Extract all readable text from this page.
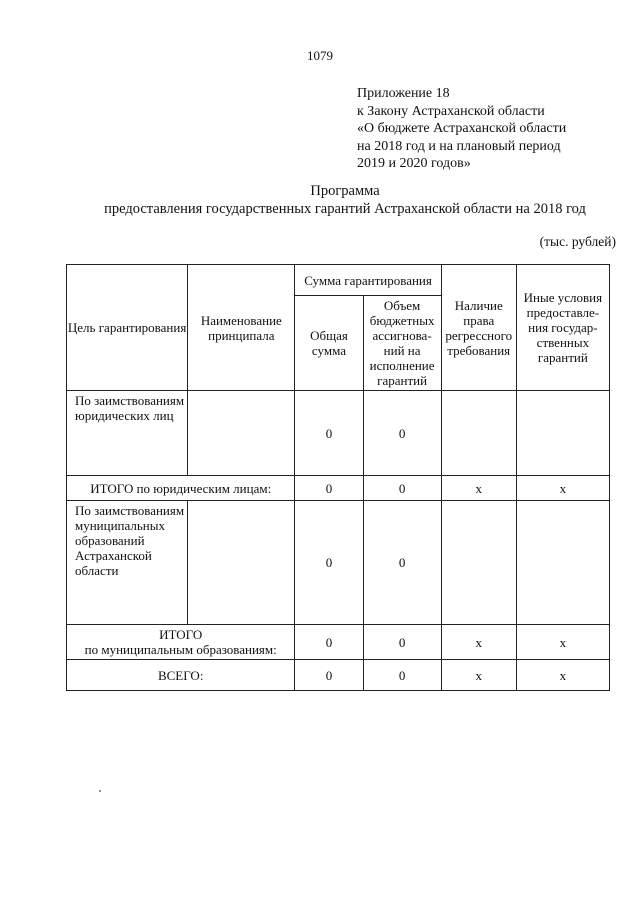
1079
Приложение 18
к Закону Астраханской области
«О бюджете Астраханской области
на 2018 год и на плановый период
2019 и 2020 годов»
Программа
предоставления государственных гарантий Астраханской области на 2018 год
(тыс. рублей)
Цель гарантирования	Наименование принципала	Сумма гарантирования		Наличие права регрессного требования	Иные условия предоставле-ния государ-ственных гарантий
		Общая сумма	Объем бюджетных ассигнова-ний на исполнение гарантий		
По заимствованиям юридических лиц		0	0		
ИТОГО по юридическим лицам:		0	0	х	х
По заимствованиям муниципальных образований Астраханской области		0	0		

ИТОГО
по муниципальным образованиям:		0	0	х	х
ВСЕГО:		0	0	х	х
